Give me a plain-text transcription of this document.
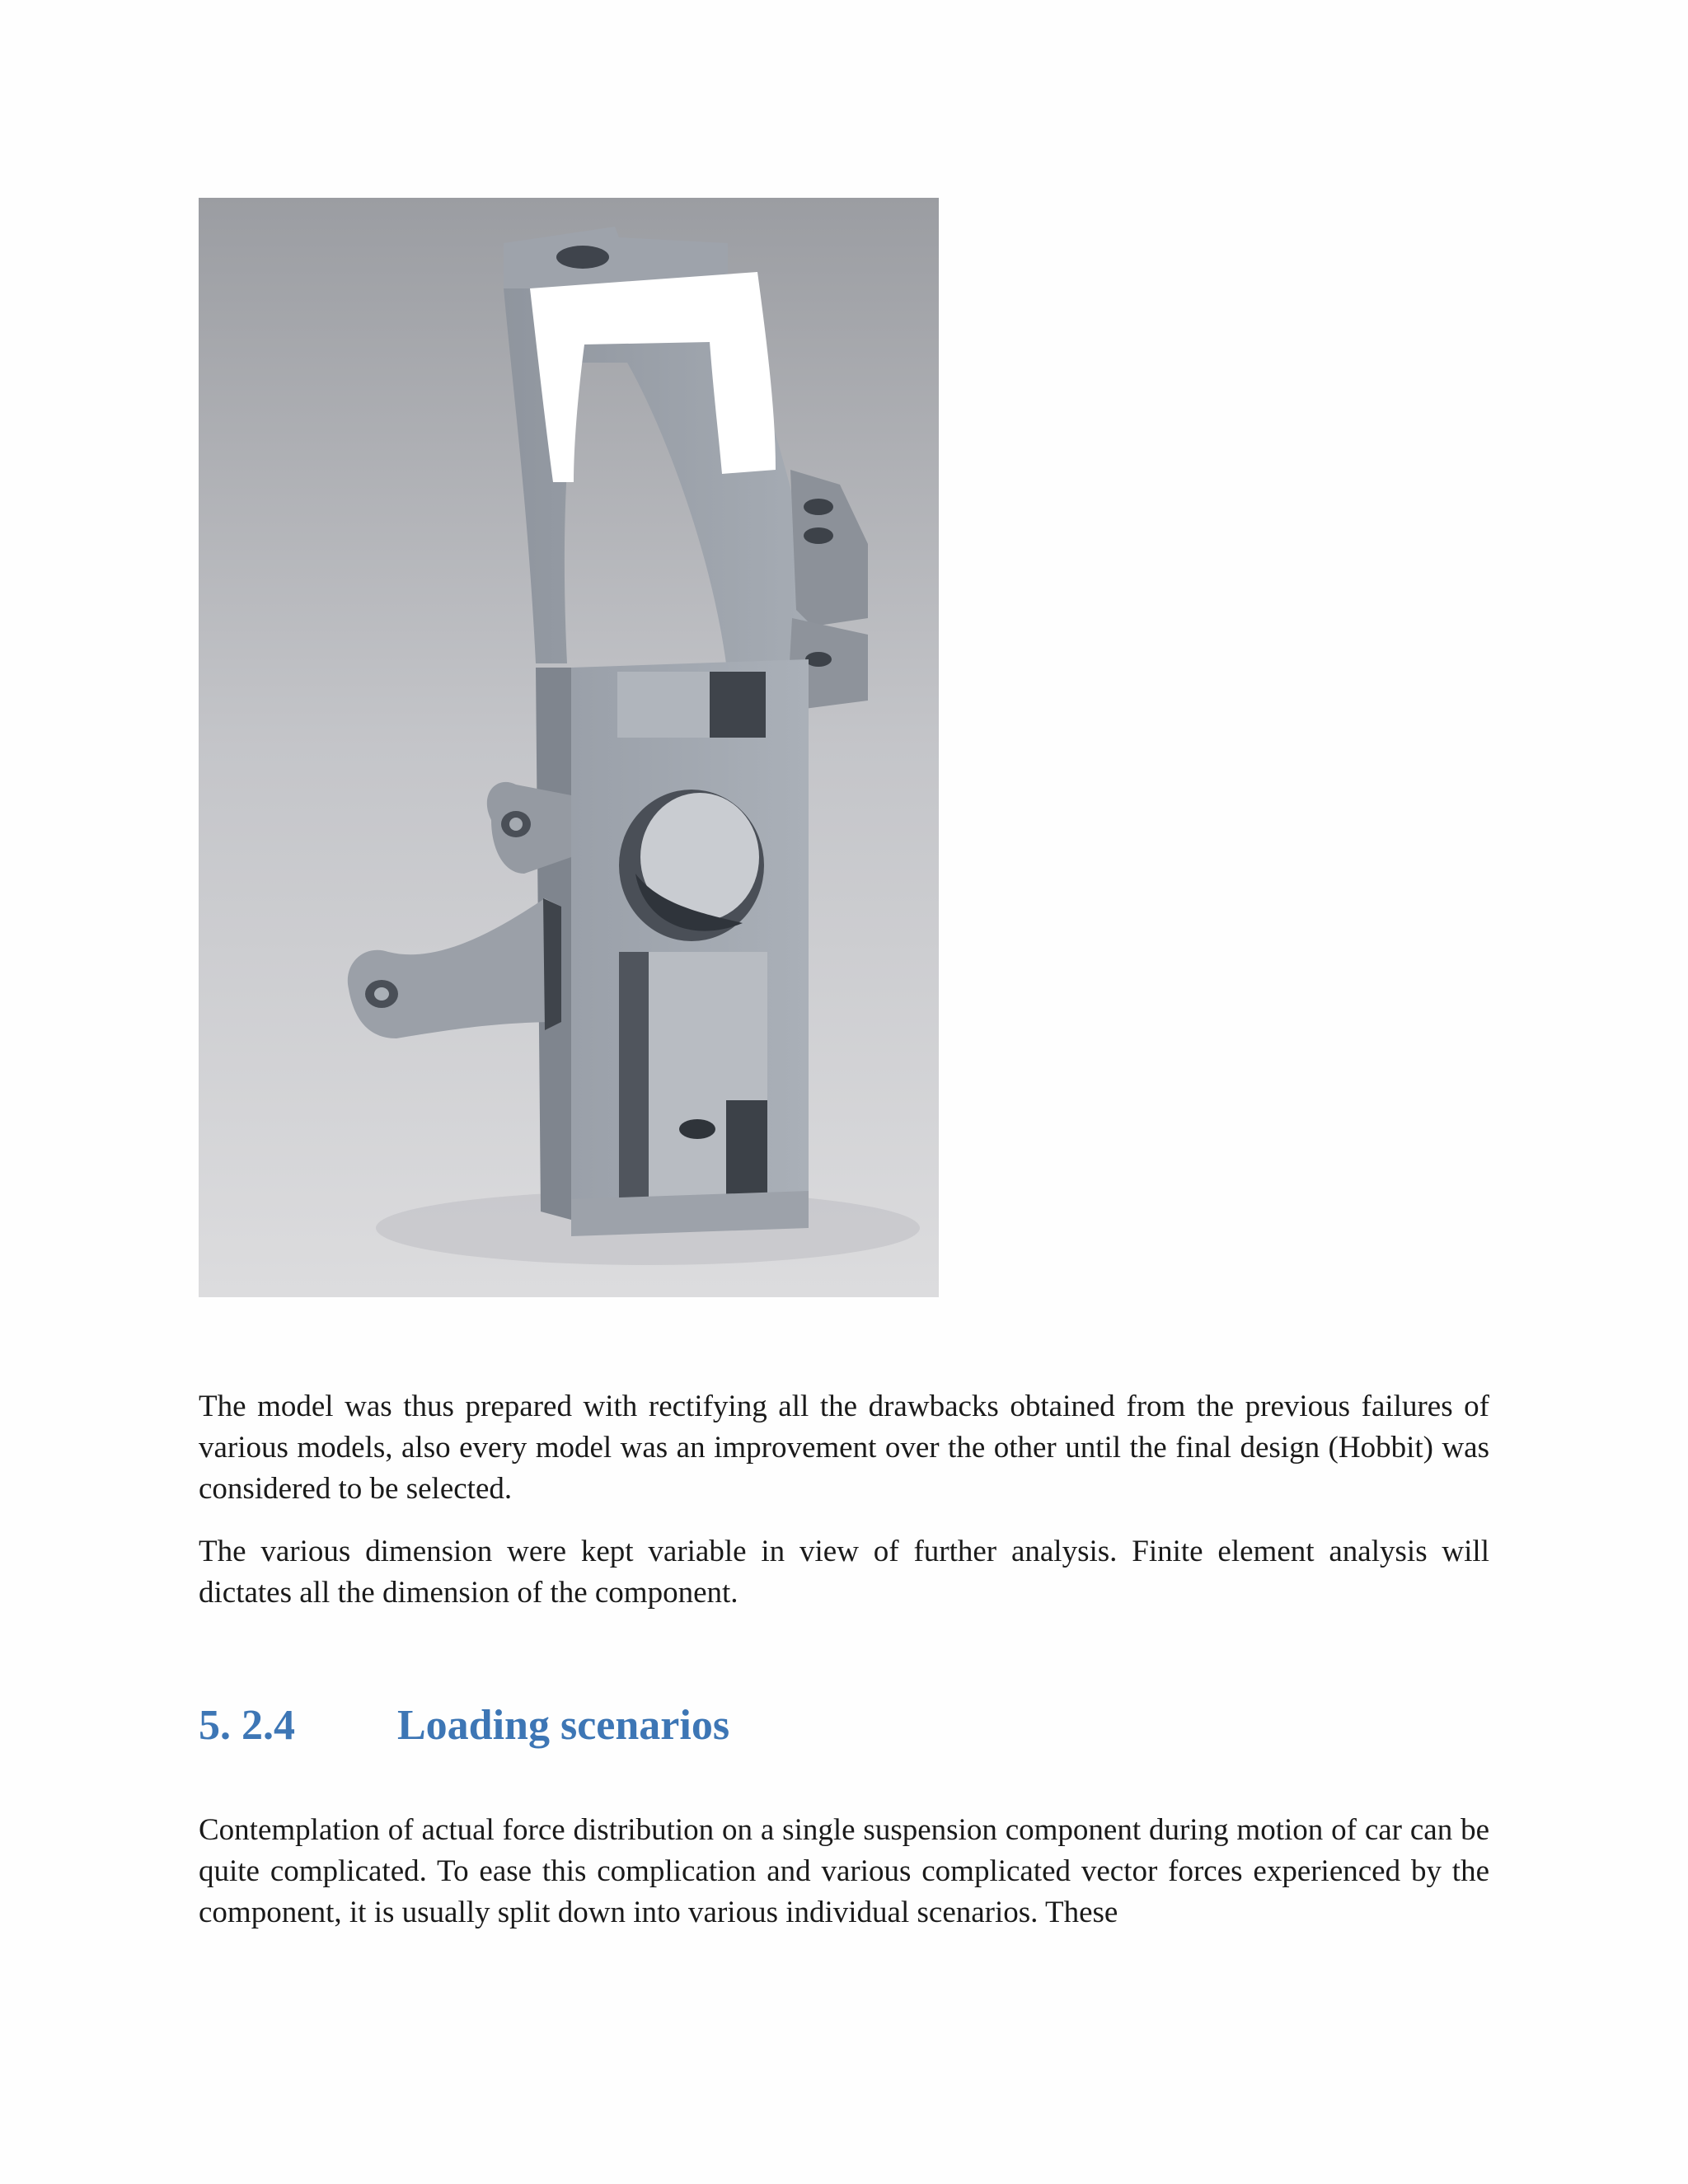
The model was thus prepared with rectifying all the drawbacks obtained from the previous failures of various models, also every model was an improvement over the other until the final design (Hobbit) was considered to be selected.

The various dimension were kept variable in view of further analysis. Finite element analysis will dictates all the dimension of the component.

5. 2.4 Loading scenarios

Contemplation of actual force distribution on a single suspension component during motion of car can be quite complicated. To ease this complication and various complicated vector forces experienced by the component, it is usually split down into various individual scenarios. These
